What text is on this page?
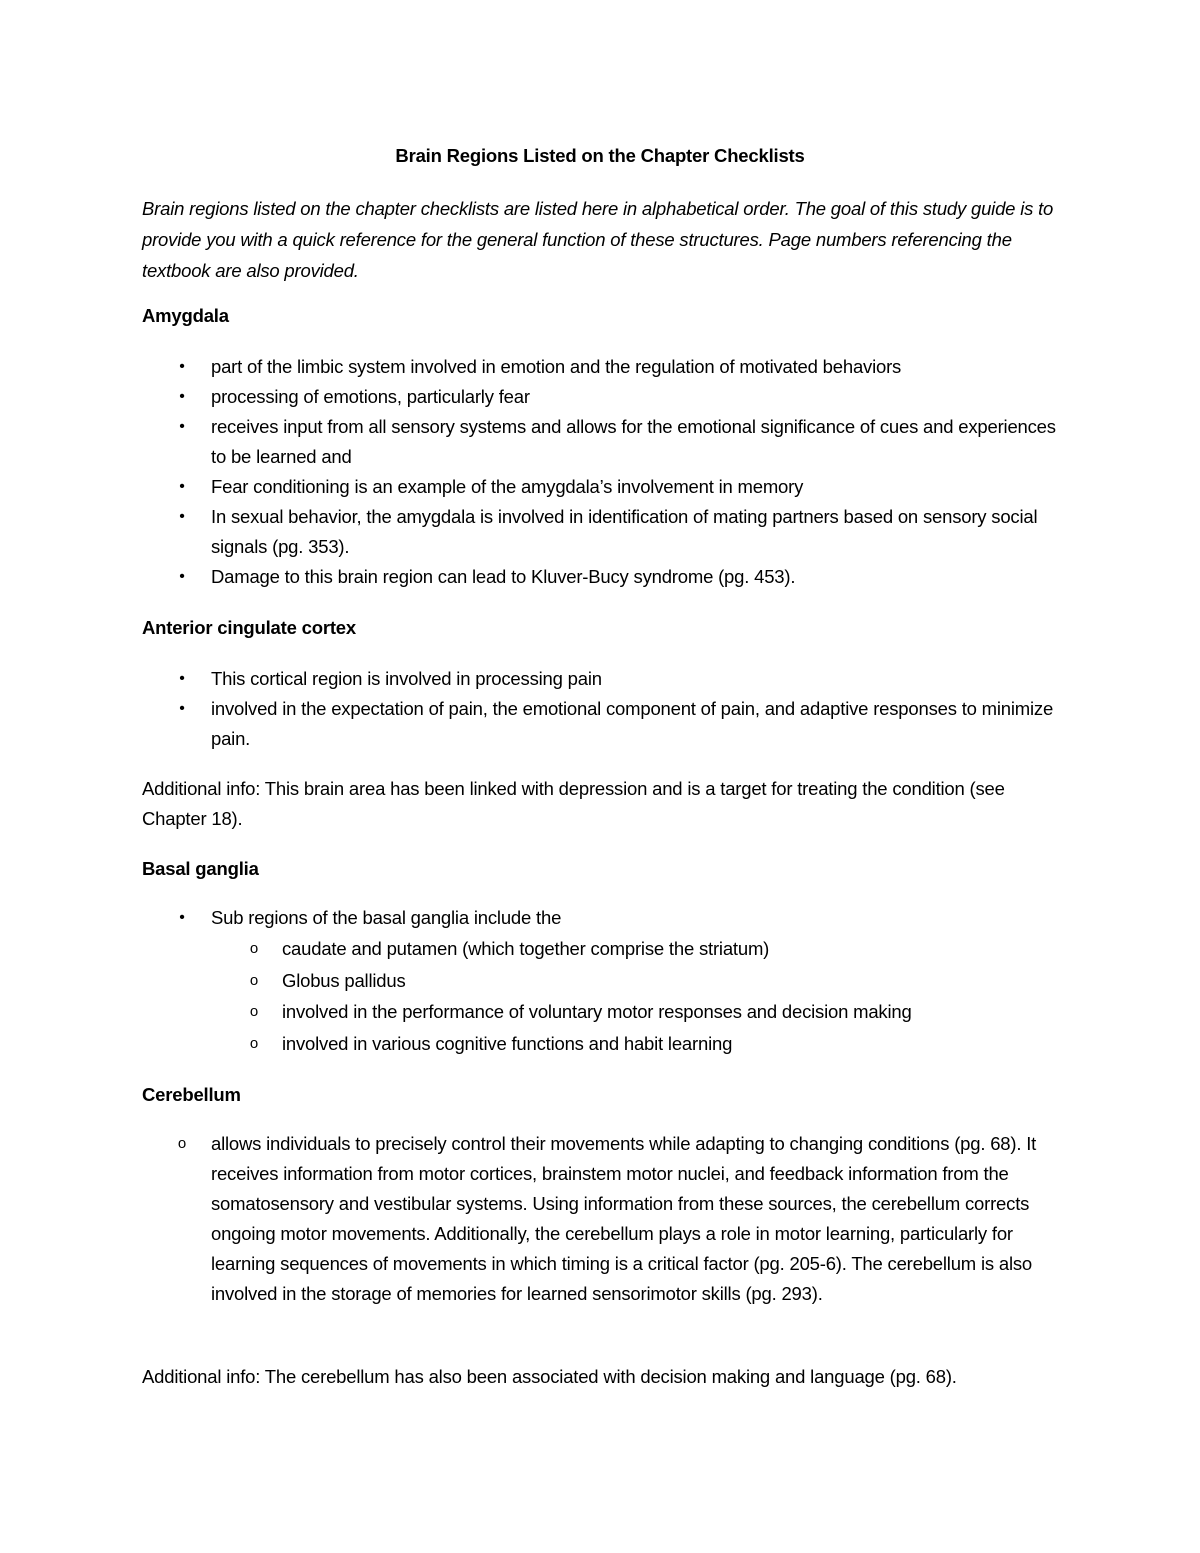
Brain Regions Listed on the Chapter Checklists
Brain regions listed on the chapter checklists are listed here in alphabetical order. The goal of this study guide is to provide you with a quick reference for the general function of these structures. Page numbers referencing the textbook are also provided.
Amygdala
•	part of the limbic system involved in emotion and the regulation of motivated behaviors
•	processing of emotions, particularly fear
•	receives input from all sensory systems and allows for the emotional significance of cues and experiences to be learned and
•	Fear conditioning is an example of the amygdala’s involvement in memory
•	In sexual behavior, the amygdala is involved in identification of mating partners based on sensory social signals (pg. 353).
•	Damage to this brain region can lead to Kluver-Bucy syndrome (pg. 453).
Anterior cingulate cortex
•	This cortical region is involved in processing pain
•	involved in the expectation of pain, the emotional component of pain, and adaptive responses to minimize pain.
Additional info: This brain area has been linked with depression and is a target for treating the condition (see Chapter 18).
Basal ganglia
•	Sub regions of the basal ganglia include the
o	caudate and putamen (which together comprise the striatum)
o	Globus pallidus
o	involved in the performance of voluntary motor responses and decision making
o	involved in various cognitive functions and habit learning
Cerebellum
o	allows individuals to precisely control their movements while adapting to changing conditions (pg. 68). It receives information from motor cortices, brainstem motor nuclei, and feedback information from the somatosensory and vestibular systems. Using information from these sources, the cerebellum corrects ongoing motor movements. Additionally, the cerebellum plays a role in motor learning, particularly for learning sequences of movements in which timing is a critical factor (pg. 205-6). The cerebellum is also involved in the storage of memories for learned sensorimotor skills (pg. 293).
Additional info: The cerebellum has also been associated with decision making and language (pg. 68).
